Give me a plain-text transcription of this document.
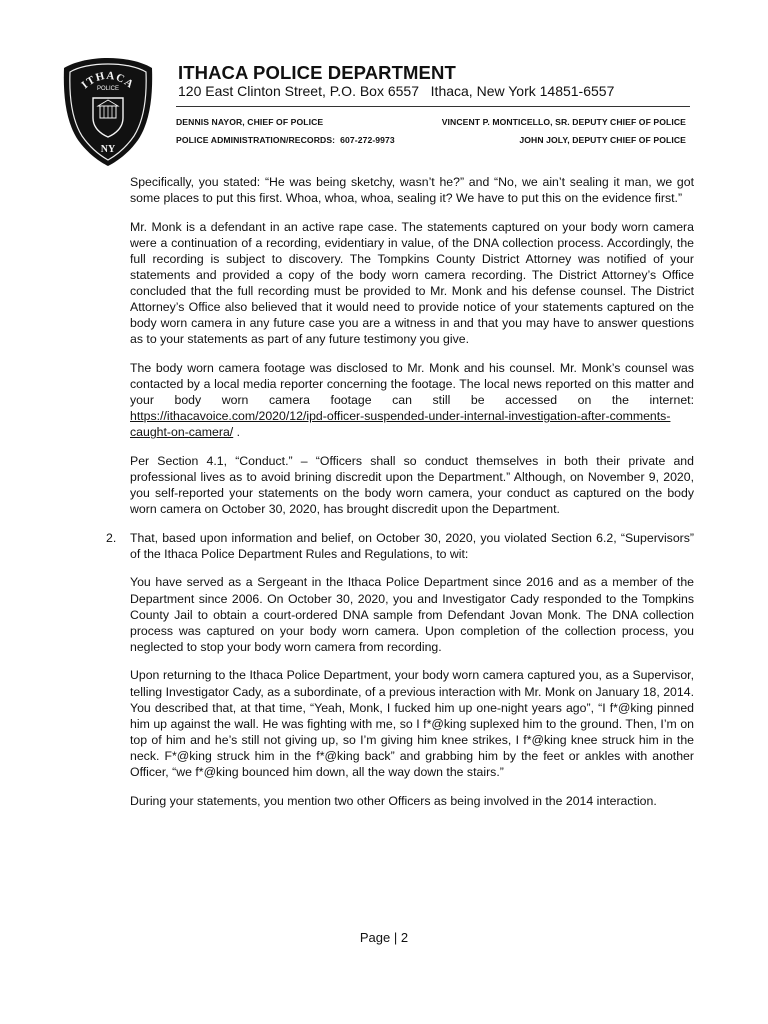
ITHACA
POLICE
NY
ITHACA POLICE DEPARTMENT
120 East Clinton Street, P.O. Box 6557   Ithaca, New York 14851-6557
DENNIS NAYOR, CHIEF OF POLICE
POLICE ADMINISTRATION/RECORDS:  607-272-9973
VINCENT P. MONTICELLO, SR. DEPUTY CHIEF OF POLICE
JOHN JOLY, DEPUTY CHIEF OF POLICE

Specifically, you stated: “He was being sketchy, wasn’t he?” and “No, we ain’t sealing it man, we got some places to put this first. Whoa, whoa, whoa, sealing it? We have to put this on the evidence first.”

Mr. Monk is a defendant in an active rape case. The statements captured on your body worn camera were a continuation of a recording, evidentiary in value, of the DNA collection process. Accordingly, the full recording is subject to discovery. The Tompkins County District Attorney was notified of your statements and provided a copy of the body worn camera recording. The District Attorney’s Office concluded that the full recording must be provided to Mr. Monk and his defense counsel. The District Attorney’s Office also believed that it would need to provide notice of your statements captured on the body worn camera in any future case you are a witness in and that you may have to answer questions as to your statements as part of any future testimony you give.

The body worn camera footage was disclosed to Mr. Monk and his counsel. Mr. Monk’s counsel was contacted by a local media reporter concerning the footage. The local news reported on this matter and your body worn camera footage can still be accessed on the internet: https://ithacavoice.com/2020/12/ipd-officer-suspended-under-internal-investigation-after-comments-caught-on-camera/ .

Per Section 4.1, “Conduct.” – “Officers shall so conduct themselves in both their private and professional lives as to avoid brining discredit upon the Department.” Although, on November 9, 2020, you self-reported your statements on the body worn camera, your conduct as captured on the body worn camera on October 30, 2020, has brought discredit upon the Department.

2. That, based upon information and belief, on October 30, 2020, you violated Section 6.2, “Supervisors” of the Ithaca Police Department Rules and Regulations, to wit:

You have served as a Sergeant in the Ithaca Police Department since 2016 and as a member of the Department since 2006. On October 30, 2020, you and Investigator Cady responded to the Tompkins County Jail to obtain a court-ordered DNA sample from Defendant Jovan Monk. The DNA collection process was captured on your body worn camera. Upon completion of the collection process, you neglected to stop your body worn camera from recording.

Upon returning to the Ithaca Police Department, your body worn camera captured you, as a Supervisor, telling Investigator Cady, as a subordinate, of a previous interaction with Mr. Monk on January 18, 2014. You described that, at that time, “Yeah, Monk, I fucked him up one-night years ago”, “I f*@king pinned him up against the wall. He was fighting with me, so I f*@king suplexed him to the ground. Then, I’m on top of him and he’s still not giving up, so I’m giving him knee strikes, I f*@king knee struck him in the neck. F*@king struck him in the f*@king back” and grabbing him by the feet or ankles with another Officer, “we f*@king bounced him down, all the way down the stairs.”

During your statements, you mention two other Officers as being involved in the 2014 interaction.

Page | 2
